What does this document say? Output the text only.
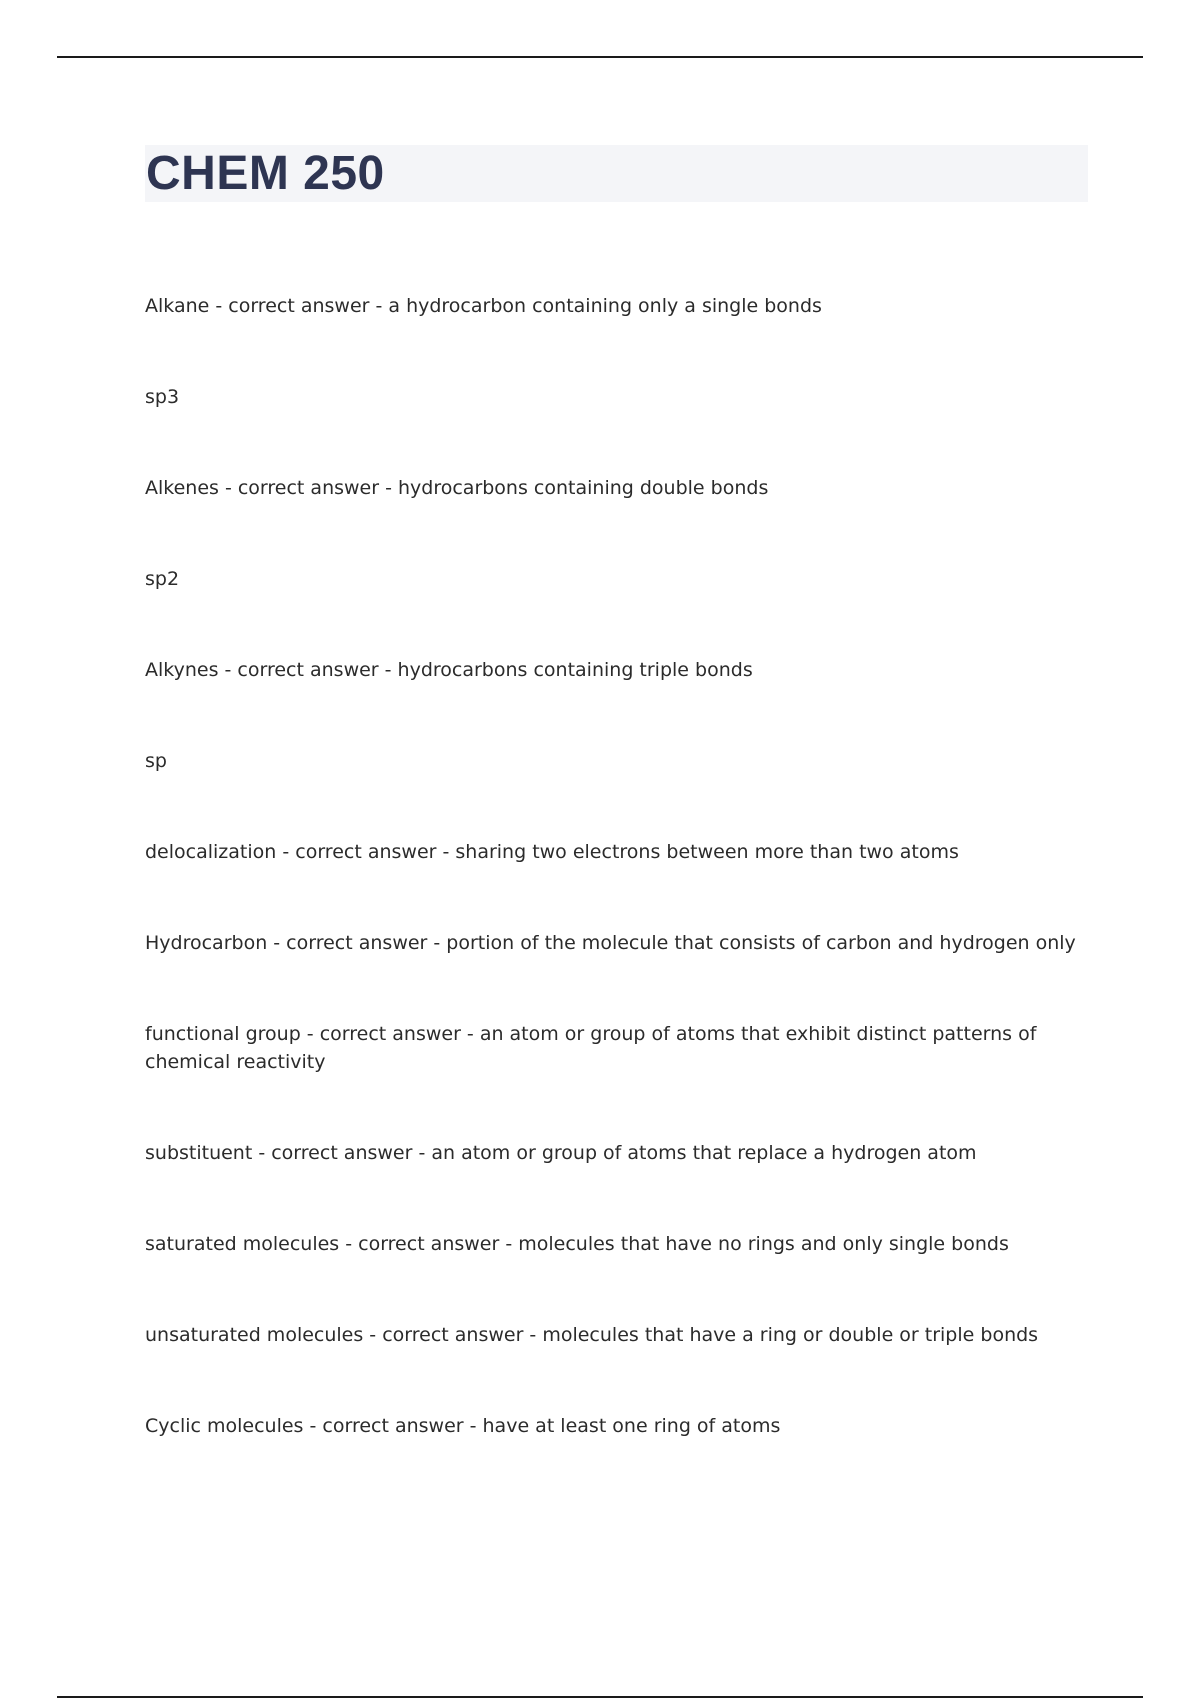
CHEM 250

Alkane - correct answer - a hydrocarbon containing only a single bonds

sp3

Alkenes - correct answer - hydrocarbons containing double bonds

sp2

Alkynes - correct answer - hydrocarbons containing triple bonds

sp

delocalization - correct answer - sharing two electrons between more than two atoms

Hydrocarbon - correct answer - portion of the molecule that consists of carbon and hydrogen only

functional group - correct answer - an atom or group of atoms that exhibit distinct patterns of chemical reactivity

substituent - correct answer - an atom or group of atoms that replace a hydrogen atom

saturated molecules - correct answer - molecules that have no rings and only single bonds

unsaturated molecules - correct answer - molecules that have a ring or double or triple bonds

Cyclic molecules - correct answer - have at least one ring of atoms
